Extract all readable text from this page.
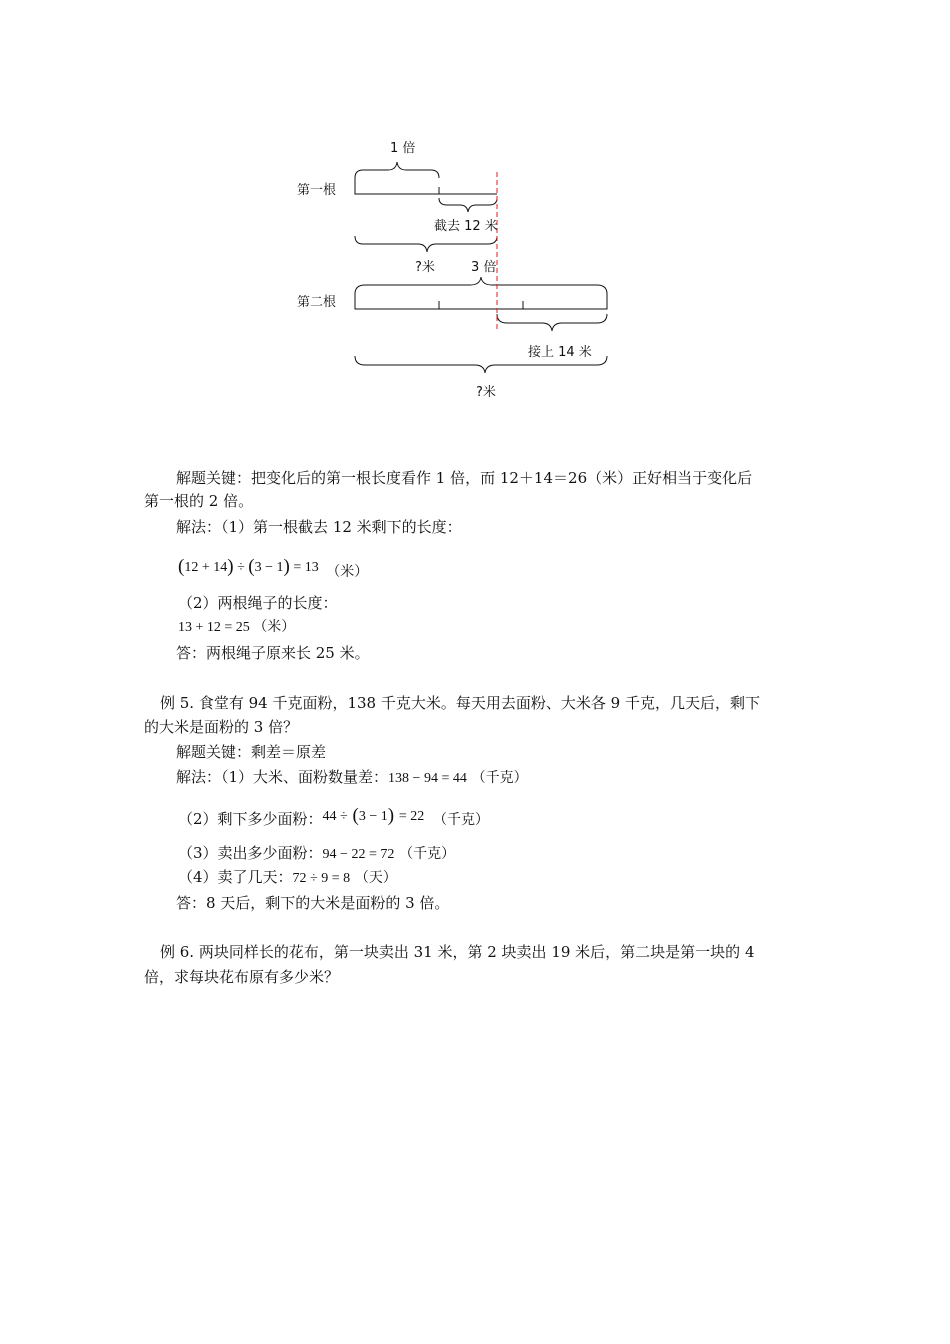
1 倍
第一根
截去 12 米
?米	3 倍
第二根
接上 14 米
?米
解题关键：把变化后的第一根长度看作 1 倍，而 12＋14＝26（米）正好相当于变化后
第一根的 2 倍。
解法：（1）第一根截去 12 米剩下的长度：
(12 + 14) ÷ (3 − 1) = 13 （米）
（2）两根绳子的长度：
13 + 12 = 25 （米）
答：两根绳子原来长 25 米。
例 5. 食堂有 94 千克面粉，138 千克大米。每天用去面粉、大米各 9 千克，几天后，剩下
的大米是面粉的 3 倍？
解题关键：剩差＝原差
解法：（1）大米、面粉数量差：138 − 94 = 44 （千克）
（2）剩下多少面粉：44 ÷ (3 − 1) = 22 （千克）
（3）卖出多少面粉：94 − 22 = 72 （千克）
（4）卖了几天：72 ÷ 9 = 8 （天）
答：8 天后，剩下的大米是面粉的 3 倍。
例 6. 两块同样长的花布，第一块卖出 31 米，第 2 块卖出 19 米后，第二块是第一块的 4
倍，求每块花布原有多少米？
